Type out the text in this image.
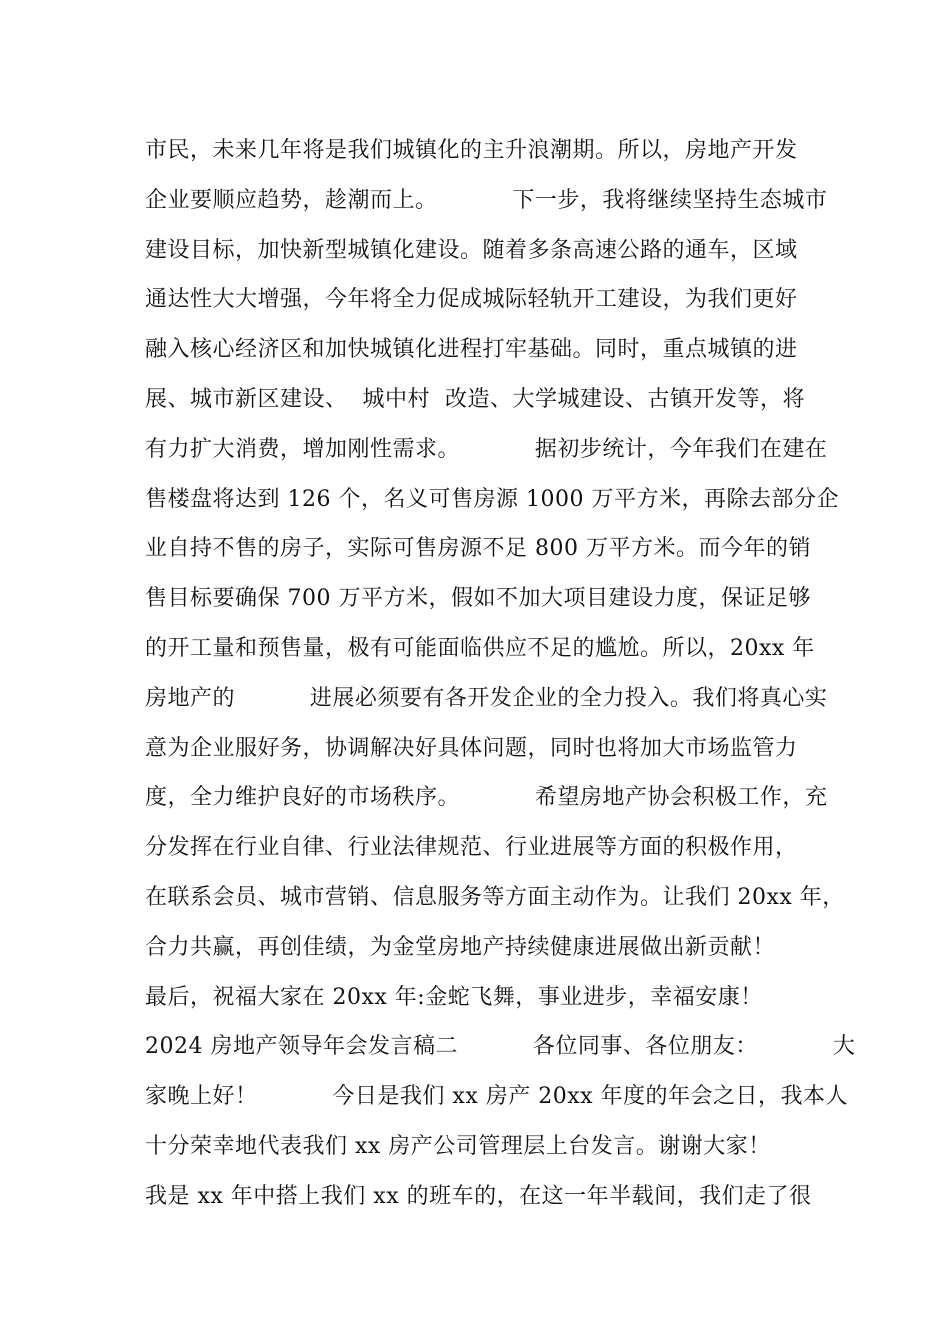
市民，未来几年将是我们城镇化的主升浪潮期。所以，房地产开发
企业要顺应趋势，趁潮而上。          下一步，我将继续坚持生态城市
建设目标，加快新型城镇化建设。随着多条高速公路的通车，区域
通达性大大增强，今年将全力促成城际轻轨开工建设，为我们更好
融入核心经济区和加快城镇化进程打牢基础。同时，重点城镇的进
展、城市新区建设、  城中村  改造、大学城建设、古镇开发等，将
有力扩大消费，增加刚性需求。          据初步统计，今年我们在建在
售楼盘将达到 126 个，名义可售房源 1000 万平方米，再除去部分企
业自持不售的房子，实际可售房源不足 800 万平方米。而今年的销
售目标要确保 700 万平方米，假如不加大项目建设力度，保证足够
的开工量和预售量，极有可能面临供应不足的尴尬。所以，20xx 年
房地产的          进展必须要有各开发企业的全力投入。我们将真心实
意为企业服好务，协调解决好具体问题，同时也将加大市场监管力
度，全力维护良好的市场秩序。          希望房地产协会积极工作，充
分发挥在行业自律、行业法律规范、行业进展等方面的积极作用，
在联系会员、城市营销、信息服务等方面主动作为。让我们 20xx 年，
合力共赢，再创佳绩，为金堂房地产持续健康进展做出新贡献！
最后，祝福大家在 20xx 年:金蛇飞舞，事业进步，幸福安康！
2024 房地产领导年会发言稿二          各位同事、各位朋友：          大
家晚上好！          今日是我们 xx 房产 20xx 年度的年会之日，我本人
十分荣幸地代表我们 xx 房产公司管理层上台发言。谢谢大家！
我是 xx 年中搭上我们 xx 的班车的，在这一年半载间，我们走了很
